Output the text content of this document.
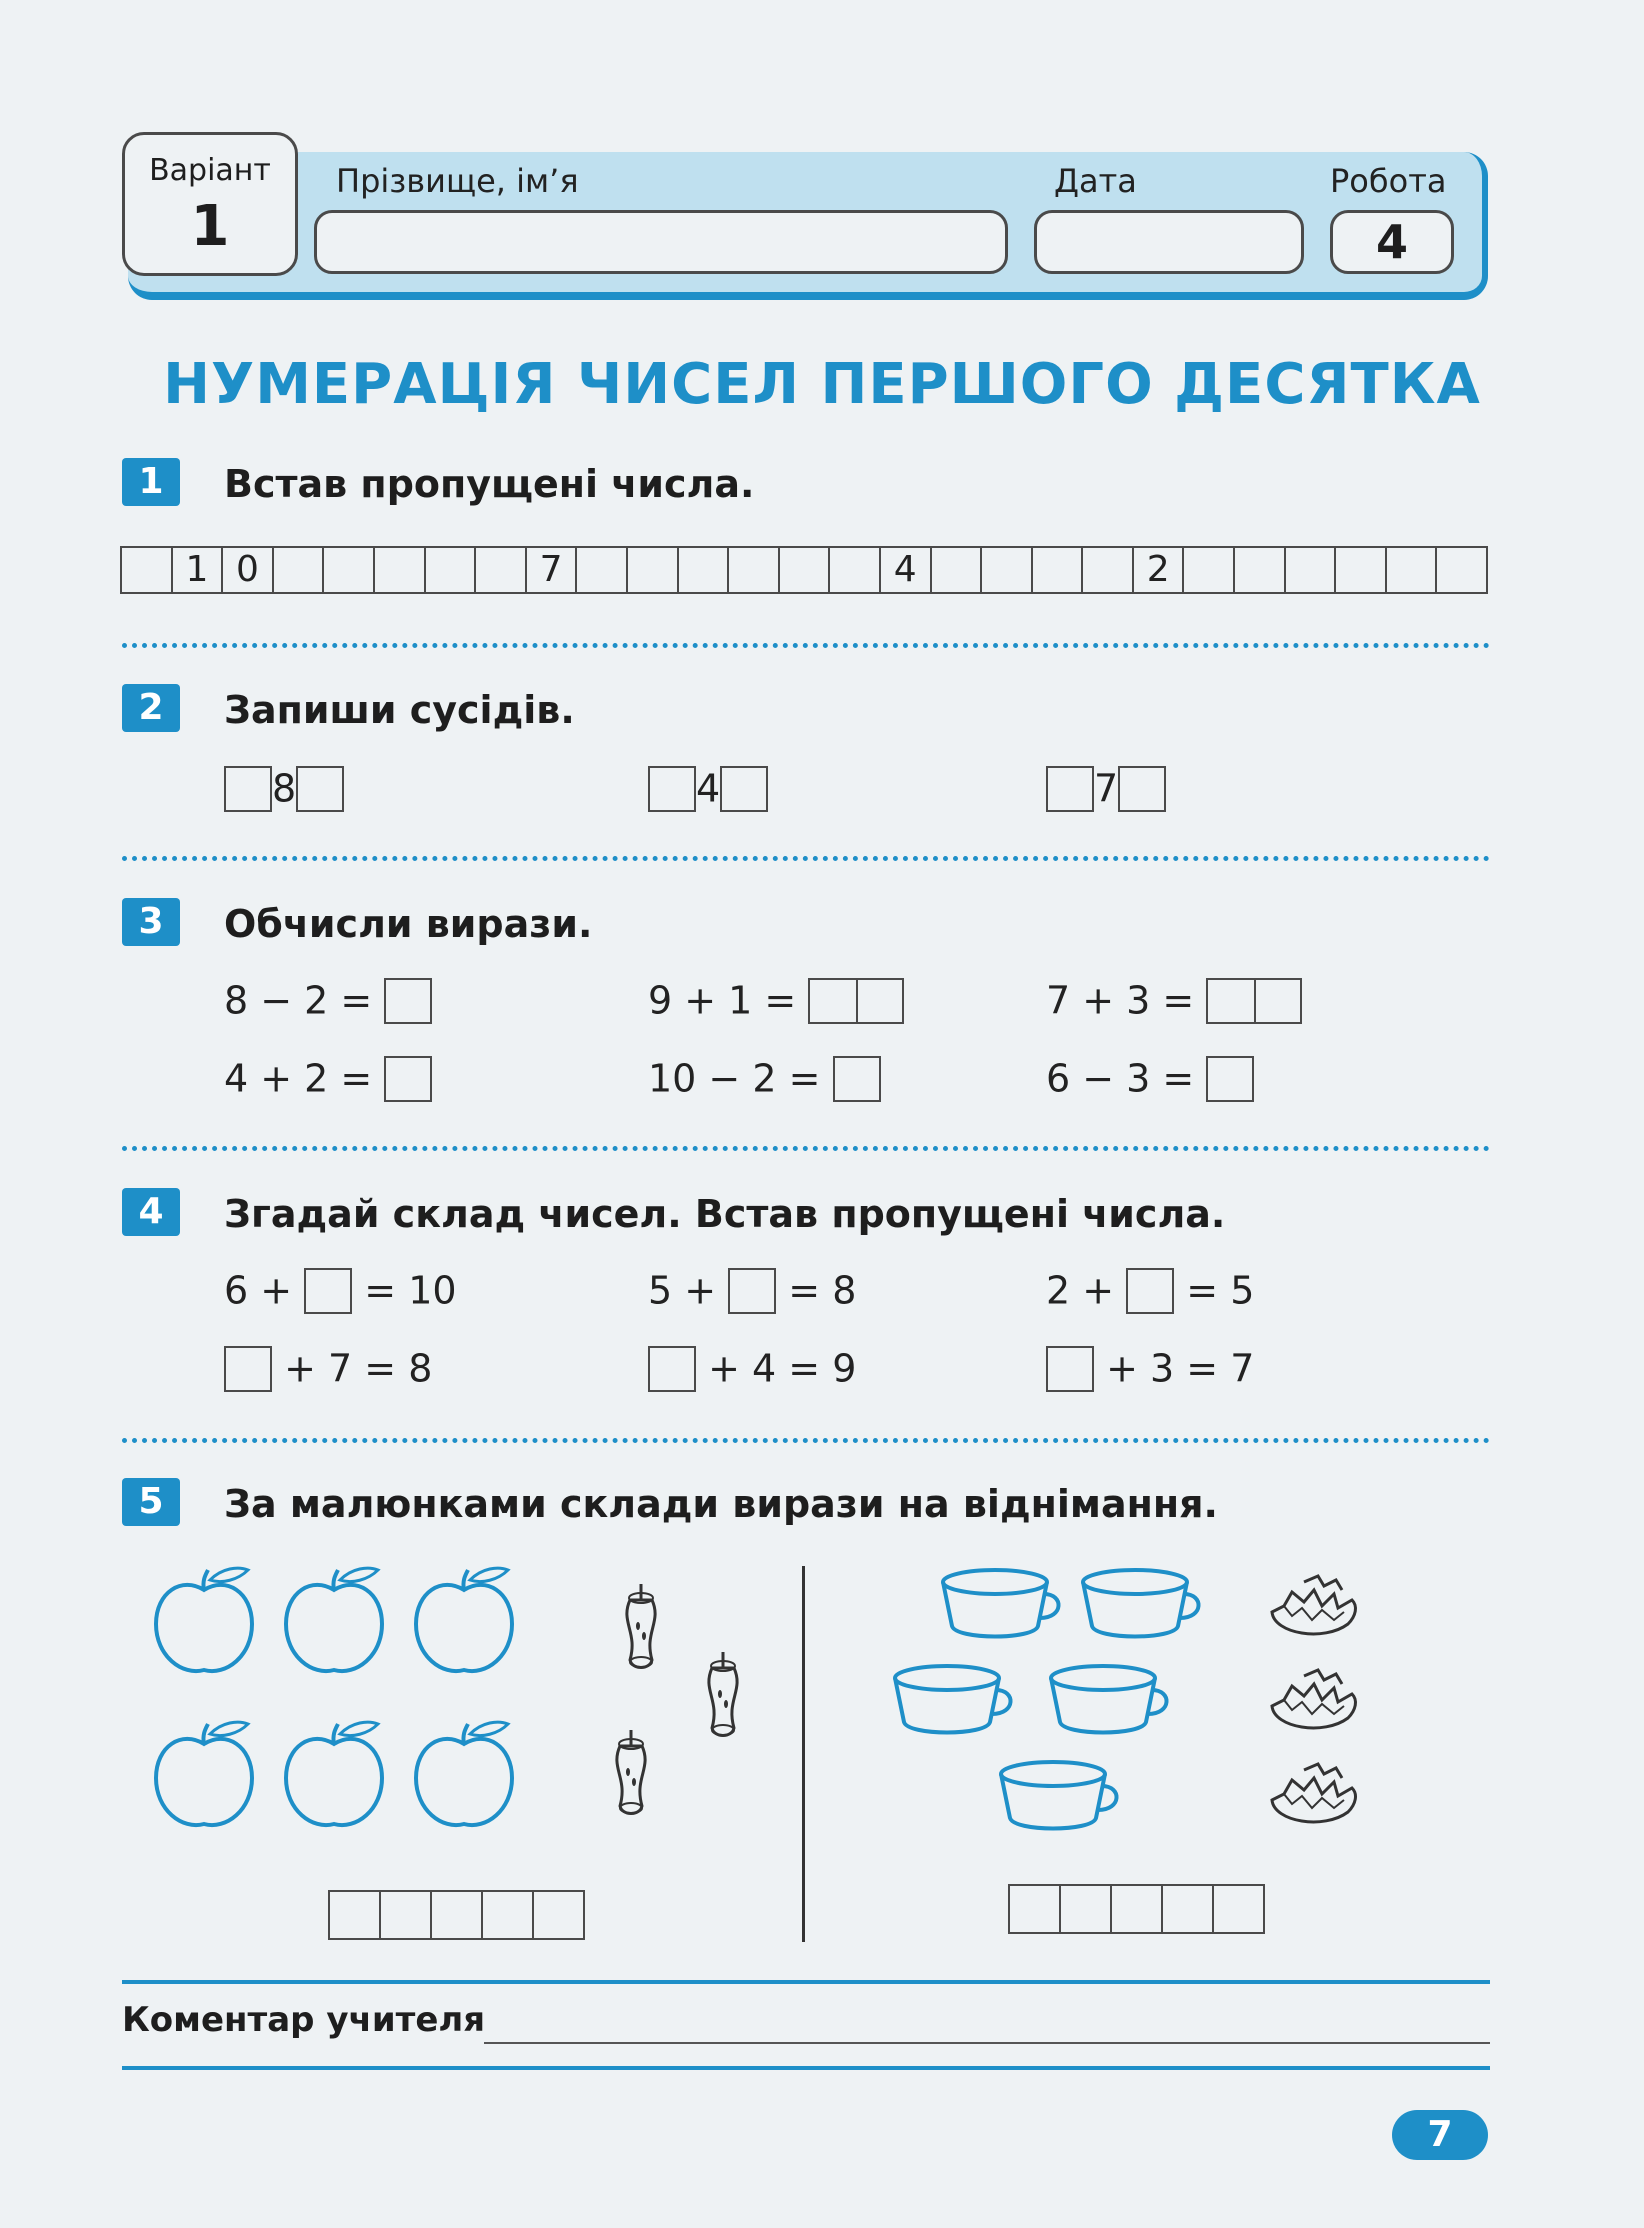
Варіант
1
Прізвище, ім’я	Дата	Робота
4
НУМЕРАЦІЯ ЧИСЕЛ ПЕРШОГО ДЕСЯТКА
1	Встав пропущені числа.
1 0	7	4	2
2	Запиши сусідів.
8	4	7
3	Обчисли вирази.
8 − 2 =	9 + 1 =	7 + 3 =
4 + 2 =	10 − 2 =	6 − 3 =
4	Згадай склад чисел. Встав пропущені числа.
6 + = 10	5 + = 8	2 + = 5
+ 7 = 8	+ 4 = 9	+ 3 = 7
5	За малюнками склади вирази на віднімання.
Коментар учителя
7
